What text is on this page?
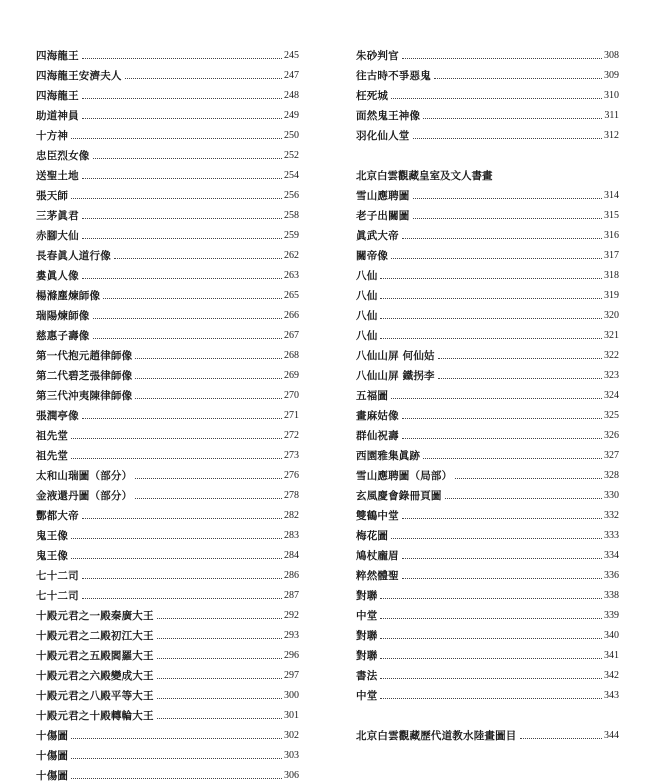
四海龍王	245
四海龍王安濟夫人	247
四海龍王	248
助道神員	249
十方神	250
忠臣烈女像	252
送聖土地	254
張天師	256
三茅眞君	258
赤腳大仙	259
長春眞人道行像	262
婁眞人像	263
楊滌塵煉師像	265
瑞陽煉師像	266
慈惠子壽像	267
第一代抱元趙律師像	268
第二代碧芝張律師像	269
第三代沖夷陳律師像	270
張潤亭像	271
祖先堂	272
祖先堂	273
太和山瑞圖（部分）	276
金液還丹圖（部分）	278
酆都大帝	282
鬼王像	283
鬼王像	284
七十二司	286
七十二司	287
十殿元君之一殿秦廣大王	292
十殿元君之二殿初江大王	293
十殿元君之五殿閻羅大王	296
十殿元君之六殿變成大王	297
十殿元君之八殿平等大王	300
十殿元君之十殿轉輪大王	301
十傷圖	302
十傷圖	303
十傷圖	306
朱砂判官	308
往古時不爭惡鬼	309
枉死城	310
面然鬼王神像	311
羽化仙人堂	312
北京白雲觀藏皇室及文人書畫
雪山應聘圖	314
老子出關圖	315
眞武大帝	316
關帝像	317
八仙	318
八仙	319
八仙	320
八仙	321
八仙山屏 何仙姑	322
八仙山屏 鐵拐李	323
五福圖	324
畫麻姑像	325
群仙祝壽	326
西園雅集眞跡	327
雪山應聘圖（局部）	328
玄風慶會錄冊頁圖	330
雙鶴中堂	332
梅花圖	333
鳩杖龐眉	334
粹然體聖	336
對聯	338
中堂	339
對聯	340
對聯	341
書法	342
中堂	343
北京白雲觀藏歷代道教水陸畫圖目	344
